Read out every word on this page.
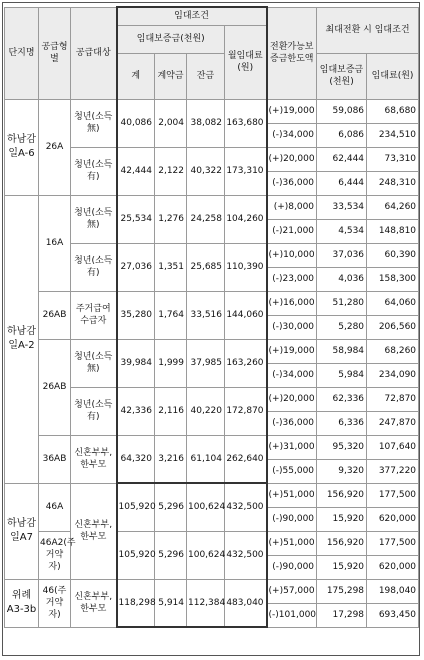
단지명	공급형별	공급대상	임대조건				전환가능보증금한도액	최대전환 시 임대조건	
			임대보증금(천원)			월임대료(원)			
			계	계약금	잔금			임대보증금(천원)	임대료(원)
하남감일A-6	26A	청년(소득 無)	40,086	2,004	38,082	163,680	(+)19,000	59,086	68,680
							(-)34,000	6,086	234,510
		청년(소득 有)	42,444	2,122	40,322	173,310	(+)20,000	62,444	73,310
							(-)36,000	6,444	248,310
하남감일A-2	16A	청년(소득 無)	25,534	1,276	24,258	104,260	(+)8,000	33,534	64,260
							(-)21,000	4,534	148,810
		청년(소득 有)	27,036	1,351	25,685	110,390	(+)10,000	37,036	60,390
							(-)23,000	4,036	158,300
	26AB	주거급여수급자	35,280	1,764	33,516	144,060	(+)16,000	51,280	64,060
							(-)30,000	5,280	206,560
	26AB	청년(소득 無)	39,984	1,999	37,985	163,260	(+)19,000	58,984	68,260
							(-)34,000	5,984	234,090
		청년(소득 有)	42,336	2,116	40,220	172,870	(+)20,000	62,336	72,870
							(-)36,000	6,336	247,870
	36AB	신혼부부,한부모	64,320	3,216	61,104	262,640	(+)31,000	95,320	107,640
							(-)55,000	9,320	377,220
하남감일A7	46A	신혼부부,한부모	105,920	5,296	100,624	432,500	(+)51,000	156,920	177,500
							(-)90,000	15,920	620,000
	46A2(주거약자)		105,920	5,296	100,624	432,500	(+)51,000	156,920	177,500
							(-)90,000	15,920	620,000
위례A3-3b	46(주거약자)	신혼부부,한부모	118,298	5,914	112,384	483,040	(+)57,000	175,298	198,040
							(-)101,000	17,298	693,450
